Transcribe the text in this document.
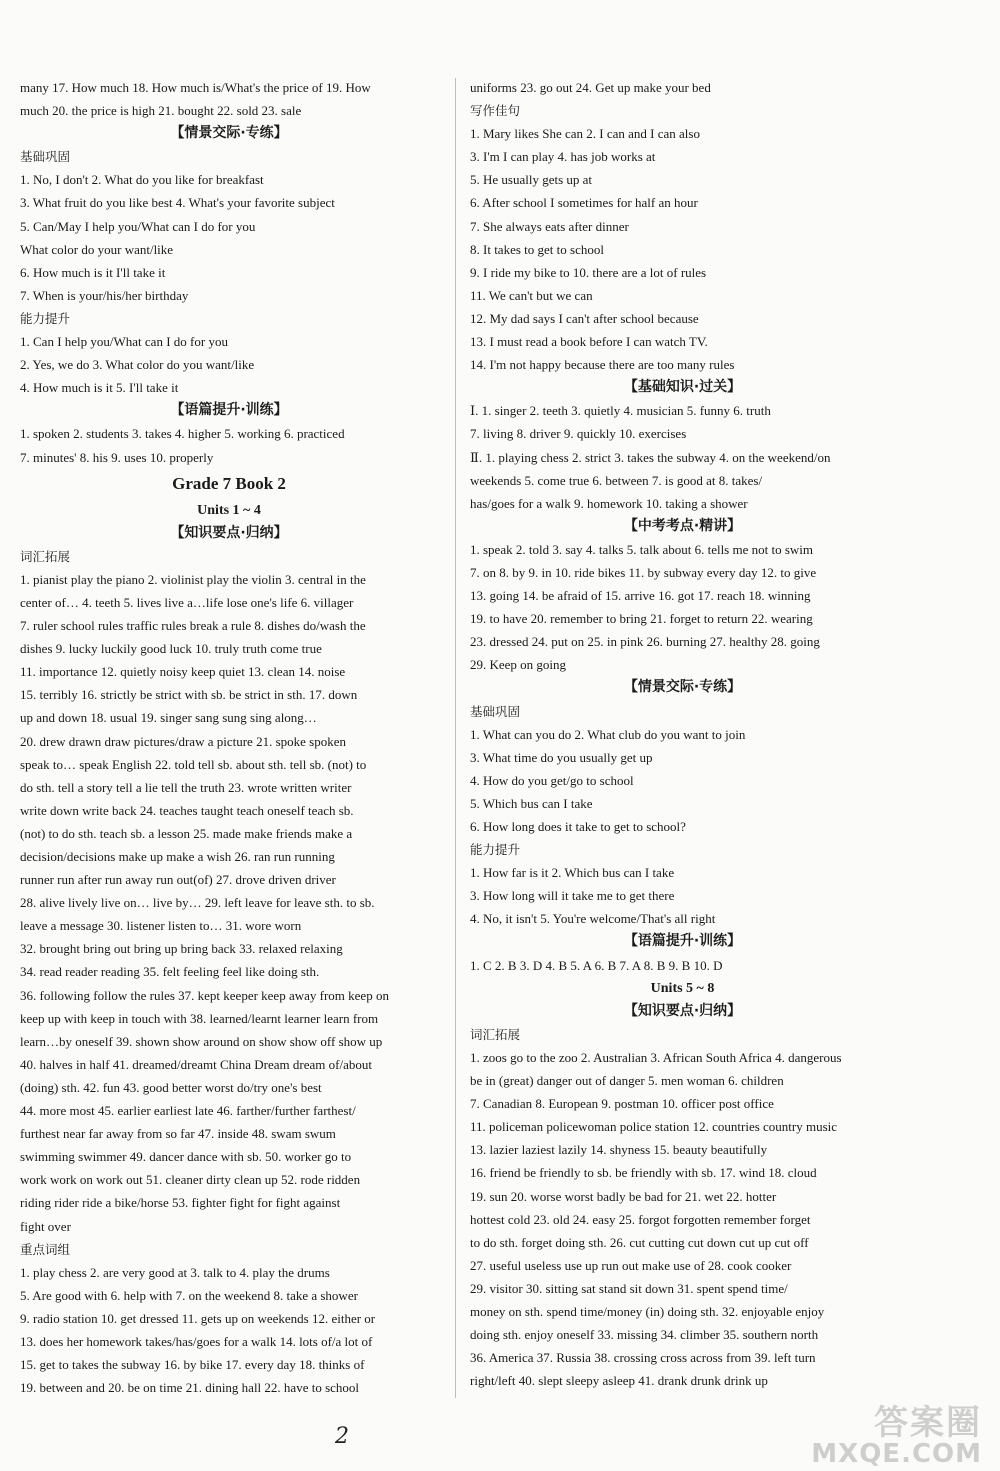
many 17. How much 18. How much is/What's the price of 19. How
much 20. the price is high 21. bought 22. sold 23. sale
【情景交际·专练】
基础巩固
1. No, I don't 2. What do you like for breakfast
3. What fruit do you like best 4. What's your favorite subject
5. Can/May I help you/What can I do for you
What color do your want/like
6. How much is it I'll take it
7. When is your/his/her birthday
能力提升
1. Can I help you/What can I do for you
2. Yes, we do 3. What color do you want/like
4. How much is it 5. I'll take it
【语篇提升·训练】
1. spoken 2. students 3. takes 4. higher 5. working 6. practiced
7. minutes' 8. his 9. uses 10. properly
Grade 7 Book 2
Units 1 ~ 4
【知识要点·归纳】
词汇拓展
1. pianist play the piano 2. violinist play the violin 3. central in the
center of… 4. teeth 5. lives live a…life lose one's life 6. villager
7. ruler school rules traffic rules break a rule 8. dishes do/wash the
dishes 9. lucky luckily good luck 10. truly truth come true
11. importance 12. quietly noisy keep quiet 13. clean 14. noise
15. terribly 16. strictly be strict with sb. be strict in sth. 17. down
up and down 18. usual 19. singer sang sung sing along…
20. drew drawn draw pictures/draw a picture 21. spoke spoken
speak to… speak English 22. told tell sb. about sth. tell sb. (not) to
do sth. tell a story tell a lie tell the truth 23. wrote written writer
write down write back 24. teaches taught teach oneself teach sb.
(not) to do sth. teach sb. a lesson 25. made make friends make a
decision/decisions make up make a wish 26. ran run running
runner run after run away run out(of) 27. drove driven driver
28. alive lively live on… live by… 29. left leave for leave sth. to sb.
leave a message 30. listener listen to… 31. wore worn
32. brought bring out bring up bring back 33. relaxed relaxing
34. read reader reading 35. felt feeling feel like doing sth.
36. following follow the rules 37. kept keeper keep away from keep on
keep up with keep in touch with 38. learned/learnt learner learn from
learn…by oneself 39. shown show around on show show off show up
40. halves in half 41. dreamed/dreamt China Dream dream of/about
(doing) sth. 42. fun 43. good better worst do/try one's best
44. more most 45. earlier earliest late 46. farther/further farthest/
furthest near far away from so far 47. inside 48. swam swum
swimming swimmer 49. dancer dance with sb. 50. worker go to
work work on work out 51. cleaner dirty clean up 52. rode ridden
riding rider ride a bike/horse 53. fighter fight for fight against
fight over
重点词组
1. play chess 2. are very good at 3. talk to 4. play the drums
5. Are good with 6. help with 7. on the weekend 8. take a shower
9. radio station 10. get dressed 11. gets up on weekends 12. either or
13. does her homework takes/has/goes for a walk 14. lots of/a lot of
15. get to takes the subway 16. by bike 17. every day 18. thinks of
19. between and 20. be on time 21. dining hall 22. have to school
uniforms 23. go out 24. Get up make your bed
写作佳句
1. Mary likes She can 2. I can and I can also
3. I'm I can play 4. has job works at
5. He usually gets up at
6. After school I sometimes for half an hour
7. She always eats after dinner
8. It takes to get to school
9. I ride my bike to 10. there are a lot of rules
11. We can't but we can
12. My dad says I can't after school because
13. I must read a book before I can watch TV.
14. I'm not happy because there are too many rules
【基础知识·过关】
Ⅰ. 1. singer 2. teeth 3. quietly 4. musician 5. funny 6. truth
7. living 8. driver 9. quickly 10. exercises
Ⅱ. 1. playing chess 2. strict 3. takes the subway 4. on the weekend/on
weekends 5. come true 6. between 7. is good at 8. takes/
has/goes for a walk 9. homework 10. taking a shower
【中考考点·精讲】
1. speak 2. told 3. say 4. talks 5. talk about 6. tells me not to swim
7. on 8. by 9. in 10. ride bikes 11. by subway every day 12. to give
13. going 14. be afraid of 15. arrive 16. got 17. reach 18. winning
19. to have 20. remember to bring 21. forget to return 22. wearing
23. dressed 24. put on 25. in pink 26. burning 27. healthy 28. going
29. Keep on going
【情景交际·专练】
基础巩固
1. What can you do 2. What club do you want to join
3. What time do you usually get up
4. How do you get/go to school
5. Which bus can I take
6. How long does it take to get to school?
能力提升
1. How far is it 2. Which bus can I take
3. How long will it take me to get there
4. No, it isn't 5. You're welcome/That's all right
【语篇提升·训练】
1. C 2. B 3. D 4. B 5. A 6. B 7. A 8. B 9. B 10. D
Units 5 ~ 8
【知识要点·归纳】
词汇拓展
1. zoos go to the zoo 2. Australian 3. African South Africa 4. dangerous
be in (great) danger out of danger 5. men woman 6. children
7. Canadian 8. European 9. postman 10. officer post office
11. policeman policewoman police station 12. countries country music
13. lazier laziest lazily 14. shyness 15. beauty beautifully
16. friend be friendly to sb. be friendly with sb. 17. wind 18. cloud
19. sun 20. worse worst badly be bad for 21. wet 22. hotter
hottest cold 23. old 24. easy 25. forgot forgotten remember forget
to do sth. forget doing sth. 26. cut cutting cut down cut up cut off
27. useful useless use up run out make use of 28. cook cooker
29. visitor 30. sitting sat stand sit down 31. spent spend time/
money on sth. spend time/money (in) doing sth. 32. enjoyable enjoy
doing sth. enjoy oneself 33. missing 34. climber 35. southern north
36. America 37. Russia 38. crossing cross across from 39. left turn
right/left 40. slept sleepy asleep 41. drank drunk drink up
2	答案圈
MXQE.COM
